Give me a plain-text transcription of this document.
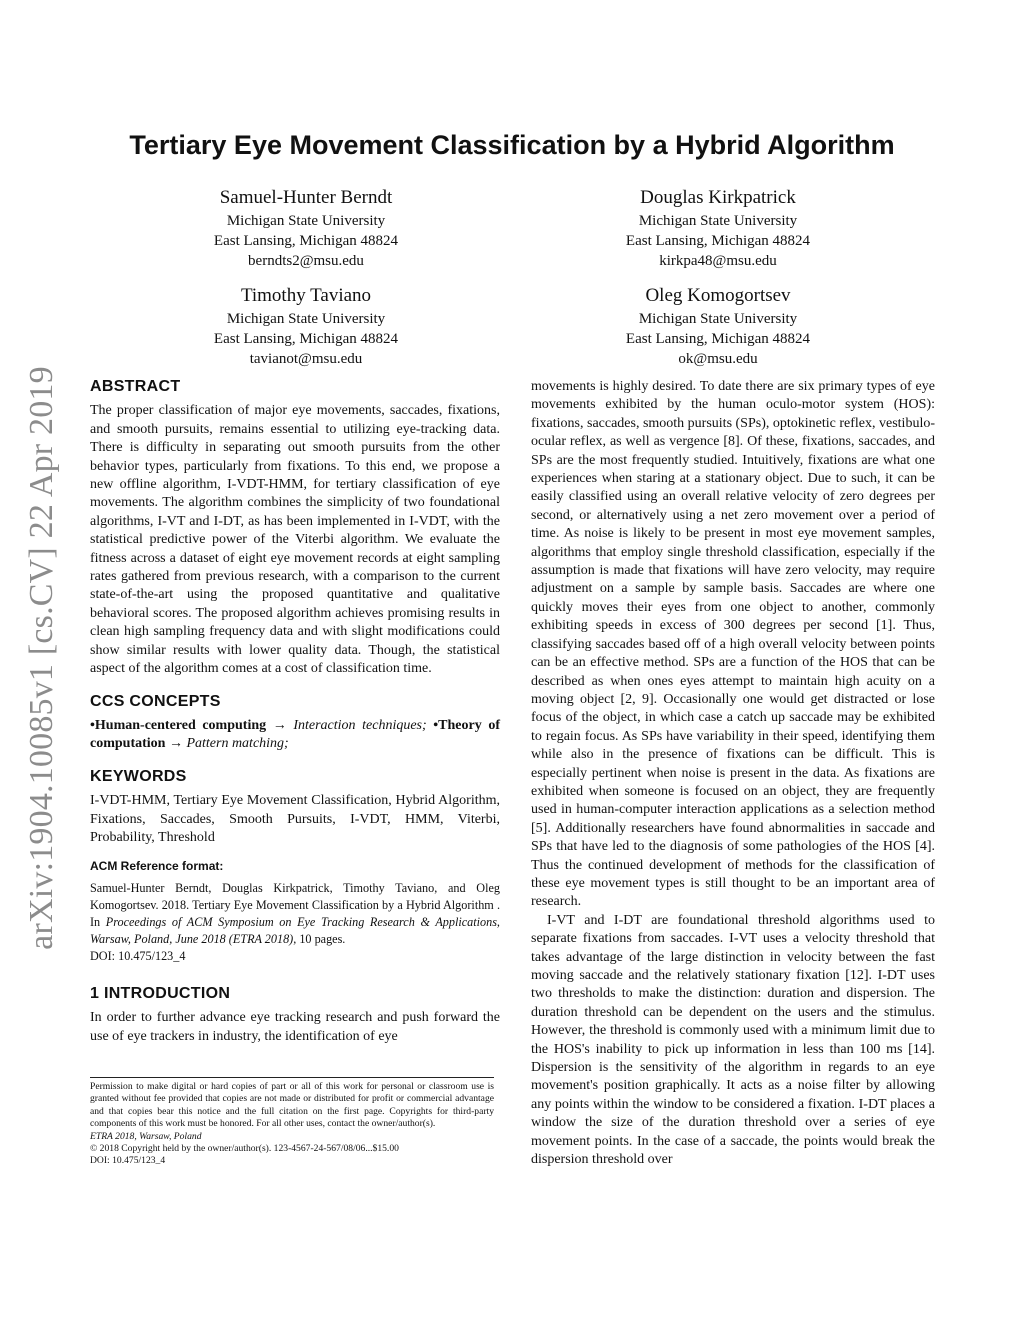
arXiv:1904.10085v1 [cs.CV] 22 Apr 2019
Tertiary Eye Movement Classification by a Hybrid Algorithm
Samuel-Hunter Berndt
Michigan State University
East Lansing, Michigan 48824
berndts2@msu.edu
Douglas Kirkpatrick
Michigan State University
East Lansing, Michigan 48824
kirkpa48@msu.edu
Timothy Taviano
Michigan State University
East Lansing, Michigan 48824
tavianot@msu.edu
Oleg Komogortsev
Michigan State University
East Lansing, Michigan 48824
ok@msu.edu
ABSTRACT

The proper classification of major eye movements, saccades, fixations, and smooth pursuits, remains essential to utilizing eye-tracking data. There is difficulty in separating out smooth pursuits from the other behavior types, particularly from fixations. To this end, we propose a new offline algorithm, I-VDT-HMM, for tertiary classification of eye movements. The algorithm combines the simplicity of two foundational algorithms, I-VT and I-DT, as has been implemented in I-VDT, with the statistical predictive power of the Viterbi algorithm. We evaluate the fitness across a dataset of eight eye movement records at eight sampling rates gathered from previous research, with a comparison to the current state-of-the-art using the proposed quantitative and qualitative behavioral scores. The proposed algorithm achieves promising results in clean high sampling frequency data and with slight modifications could show similar results with lower quality data. Though, the statistical aspect of the algorithm comes at a cost of classification time.

CCS CONCEPTS

•Human-centered computing → Interaction techniques; •Theory of computation → Pattern matching;

KEYWORDS

I-VDT-HMM, Tertiary Eye Movement Classification, Hybrid Algorithm, Fixations, Saccades, Smooth Pursuits, I-VDT, HMM, Viterbi, Probability, Threshold

ACM Reference format:

Samuel-Hunter Berndt, Douglas Kirkpatrick, Timothy Taviano, and Oleg Komogortsev. 2018. Tertiary Eye Movement Classification by a Hybrid Algorithm . In Proceedings of ACM Symposium on Eye Tracking Research & Applications, Warsaw, Poland, June 2018 (ETRA 2018), 10 pages.
DOI: 10.475/123_4

1 INTRODUCTION

In order to further advance eye tracking research and push forward the use of eye trackers in industry, the identification of eye

Permission to make digital or hard copies of part or all of this work for personal or classroom use is granted without fee provided that copies are not made or distributed for profit or commercial advantage and that copies bear this notice and the full citation on the first page. Copyrights for third-party components of this work must be honored. For all other uses, contact the owner/author(s).

ETRA 2018, Warsaw, Poland

© 2018 Copyright held by the owner/author(s). 123-4567-24-567/08/06...$15.00

DOI: 10.475/123_4

movements is highly desired. To date there are six primary types of eye movements exhibited by the human oculo-motor system (HOS): fixations, saccades, smooth pursuits (SPs), optokinetic reflex, vestibulo-ocular reflex, as well as vergence [8]. Of these, fixations, saccades, and SPs are the most frequently studied. Intuitively, fixations are what one experiences when staring at a stationary object. Due to such, it can be easily classified using an overall relative velocity of zero degrees per second, or alternatively using a net zero movement over a period of time. As noise is likely to be present in most eye movement samples, algorithms that employ single threshold classification, especially if the assumption is made that fixations will have zero velocity, may require adjustment on a sample by sample basis. Saccades are where one quickly moves their eyes from one object to another, commonly exhibiting speeds in excess of 300 degrees per second [1]. Thus, classifying saccades based off of a high overall velocity between points can be an effective method. SPs are a function of the HOS that can be described as when ones eyes attempt to maintain high acuity on a moving object [2, 9]. Occasionally one would get distracted or lose focus of the object, in which case a catch up saccade may be exhibited to regain focus. As SPs have variability in their speed, identifying them while also in the presence of fixations can be difficult. This is especially pertinent when noise is present in the data. As fixations are exhibited when someone is focused on an object, they are frequently used in human-computer interaction applications as a selection method [5]. Additionally researchers have found abnormalities in saccade and SPs that have led to the diagnosis of some pathologies of the HOS [4]. Thus the continued development of methods for the classification of these eye movement types is still thought to be an important area of research.

I-VT and I-DT are foundational threshold algorithms used to separate fixations from saccades. I-VT uses a velocity threshold that takes advantage of the large distinction in velocity between the fast moving saccade and the relatively stationary fixation [12]. I-DT uses two thresholds to make the distinction: duration and dispersion. The duration threshold can be dependent on the users and the stimulus. However, the threshold is commonly used with a minimum limit due to the HOS's inability to pick up information in less than 100 ms [14]. Dispersion is the sensitivity of the algorithm in regards to an eye movement's position graphically. It acts as a noise filter by allowing any points within the window to be considered a fixation. I-DT places a window the size of the duration threshold over a series of eye movement points. In the case of a saccade, the points would break the dispersion threshold over
